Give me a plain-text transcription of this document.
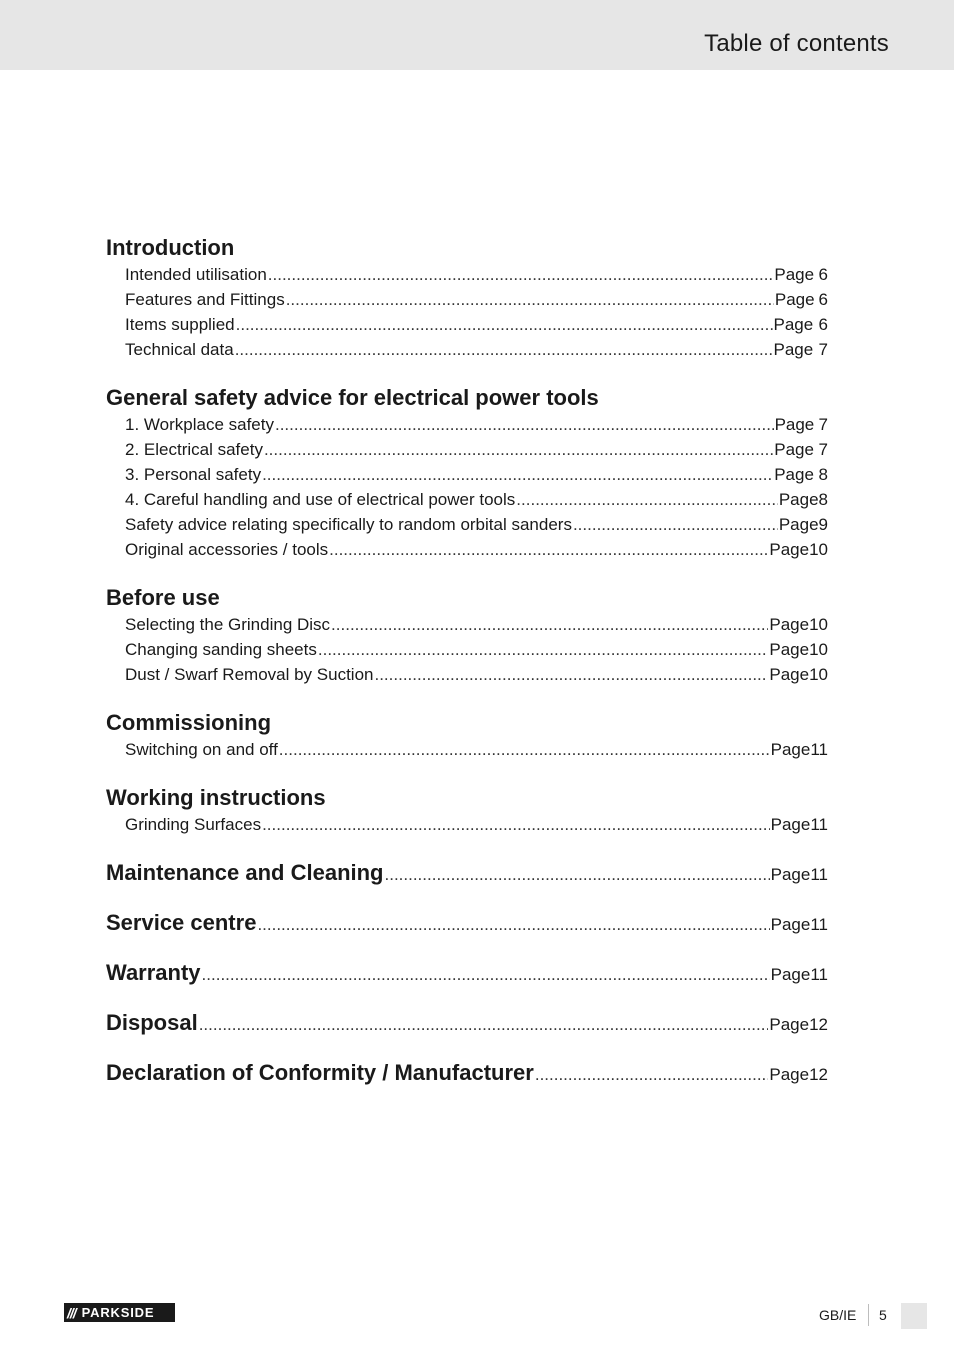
Table of contents
Introduction
Intended utilisation .....	Page 6
Features and Fittings .....	Page 6
Items supplied .....	Page 6
Technical data .....	Page 7
General safety advice for electrical power tools
1. Workplace safety .....	Page 7
2. Electrical safety .....	Page 7
3. Personal safety .....	Page 8
4. Careful handling and use of electrical power tools .....	Page 8
Safety advice relating specifically to random orbital sanders .....	Page 9
Original accessories / tools .....	Page 10
Before use
Selecting the Grinding Disc .....	Page 10
Changing sanding sheets .....	Page 10
Dust / Swarf Removal by Suction .....	Page 10
Commissioning
Switching on and off .....	Page 11
Working instructions
Grinding Surfaces .....	Page 11
Maintenance and Cleaning .....	Page 11
Service centre .....	Page 11
Warranty .....	Page 11
Disposal .....	Page 12
Declaration of Conformity / Manufacturer .....	Page 12
/// PARKSIDE	GB/IE 5
